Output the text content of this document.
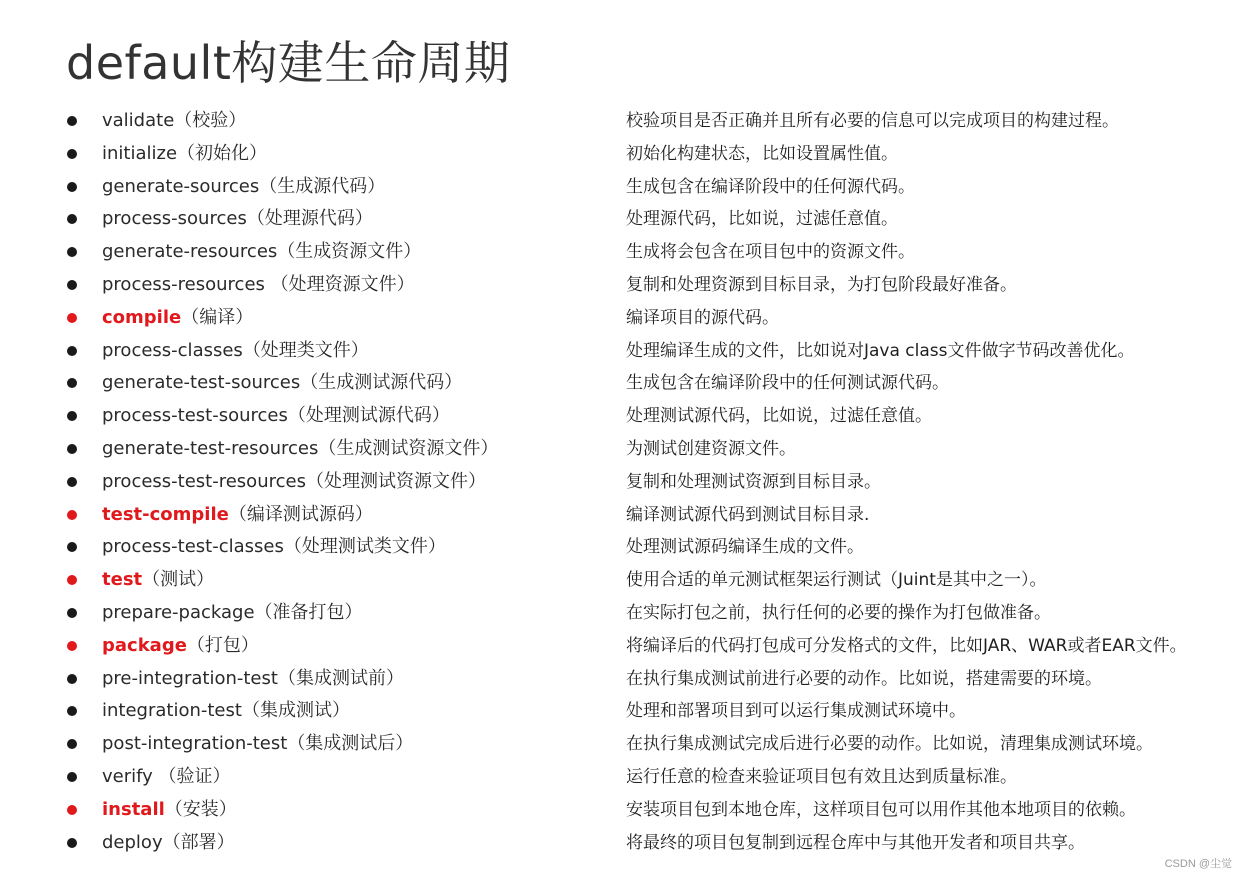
default构建生命周期
validate（校验）	校验项目是否正确并且所有必要的信息可以完成项目的构建过程。
initialize（初始化）	初始化构建状态，比如设置属性值。
generate-sources（生成源代码）	生成包含在编译阶段中的任何源代码。
process-sources（处理源代码）	处理源代码，比如说，过滤任意值。
generate-resources（生成资源文件）	生成将会包含在项目包中的资源文件。
process-resources （处理资源文件）	复制和处理资源到目标目录，为打包阶段最好准备。
compile（编译）	编译项目的源代码。
process-classes（处理类文件）	处理编译生成的文件，比如说对Java class文件做字节码改善优化。
generate-test-sources（生成测试源代码）	生成包含在编译阶段中的任何测试源代码。
process-test-sources（处理测试源代码）	处理测试源代码，比如说，过滤任意值。
generate-test-resources（生成测试资源文件）	为测试创建资源文件。
process-test-resources（处理测试资源文件）	复制和处理测试资源到目标目录。
test-compile（编译测试源码）	编译测试源代码到测试目标目录.
process-test-classes（处理测试类文件）	处理测试源码编译生成的文件。
test（测试）	使用合适的单元测试框架运行测试（Juint是其中之一）。
prepare-package（准备打包）	在实际打包之前，执行任何的必要的操作为打包做准备。
package（打包）	将编译后的代码打包成可分发格式的文件，比如JAR、WAR或者EAR文件。
pre-integration-test（集成测试前）	在执行集成测试前进行必要的动作。比如说，搭建需要的环境。
integration-test（集成测试）	处理和部署项目到可以运行集成测试环境中。
post-integration-test（集成测试后）	在执行集成测试完成后进行必要的动作。比如说，清理集成测试环境。
verify （验证）	运行任意的检查来验证项目包有效且达到质量标准。
install（安装）	安装项目包到本地仓库，这样项目包可以用作其他本地项目的依赖。
deploy（部署）	将最终的项目包复制到远程仓库中与其他开发者和项目共享。
CSDN @尘觉
